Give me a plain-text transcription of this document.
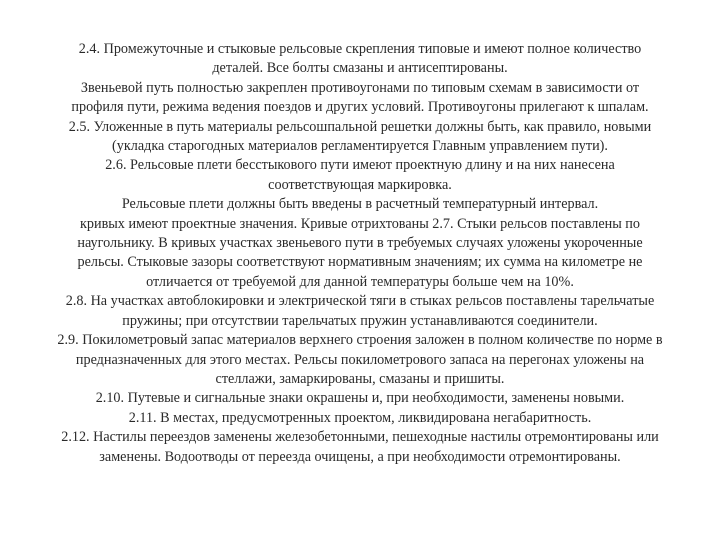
2.4. Промежуточные и стыковые рельсовые скрепления типовые и имеют полное количество
деталей. Все болты смазаны и антисептированы.
Звеньевой путь полностью закреплен противоугонами по типовым схемам в зависимости от
профиля пути, режима ведения поездов и других условий. Противоугоны прилегают к шпалам.
2.5. Уложенные в путь материалы рельсошпальной решетки должны быть, как правило, новыми
(укладка старогодных материалов регламентируется Главным управлением пути).
2.6. Рельсовые плети бесстыкового пути имеют проектную длину и на них нанесена
соответствующая маркировка.
Рельсовые плети должны быть введены в расчетный температурный интервал.
кривых имеют проектные значения. Кривые отрихтованы 2.7. Стыки рельсов поставлены по
наугольнику. В кривых участках звеньевого пути в требуемых случаях уложены укороченные
рельсы. Стыковые зазоры соответствуют нормативным значениям; их сумма на километре не
отличается от требуемой для данной температуры больше чем на 10%.
2.8. На участках автоблокировки и электрической тяги в стыках рельсов поставлены тарельчатые
пружины; при отсутствии тарельчатых пружин устанавливаются соединители.
2.9. Покилометровый запас материалов верхнего строения заложен в полном количестве по норме в
предназначенных для этого местах. Рельсы покилометрового запаса на перегонах уложены на
стеллажи, замаркированы, смазаны и пришиты.
2.10. Путевые и сигнальные знаки окрашены и, при необходимости, заменены новыми.
2.11. В местах, предусмотренных проектом, ликвидирована негабаритность.
2.12. Настилы переездов заменены железобетонными, пешеходные настилы отремонтированы или
заменены. Водоотводы от переезда очищены, а при необходимости отремонтированы.
